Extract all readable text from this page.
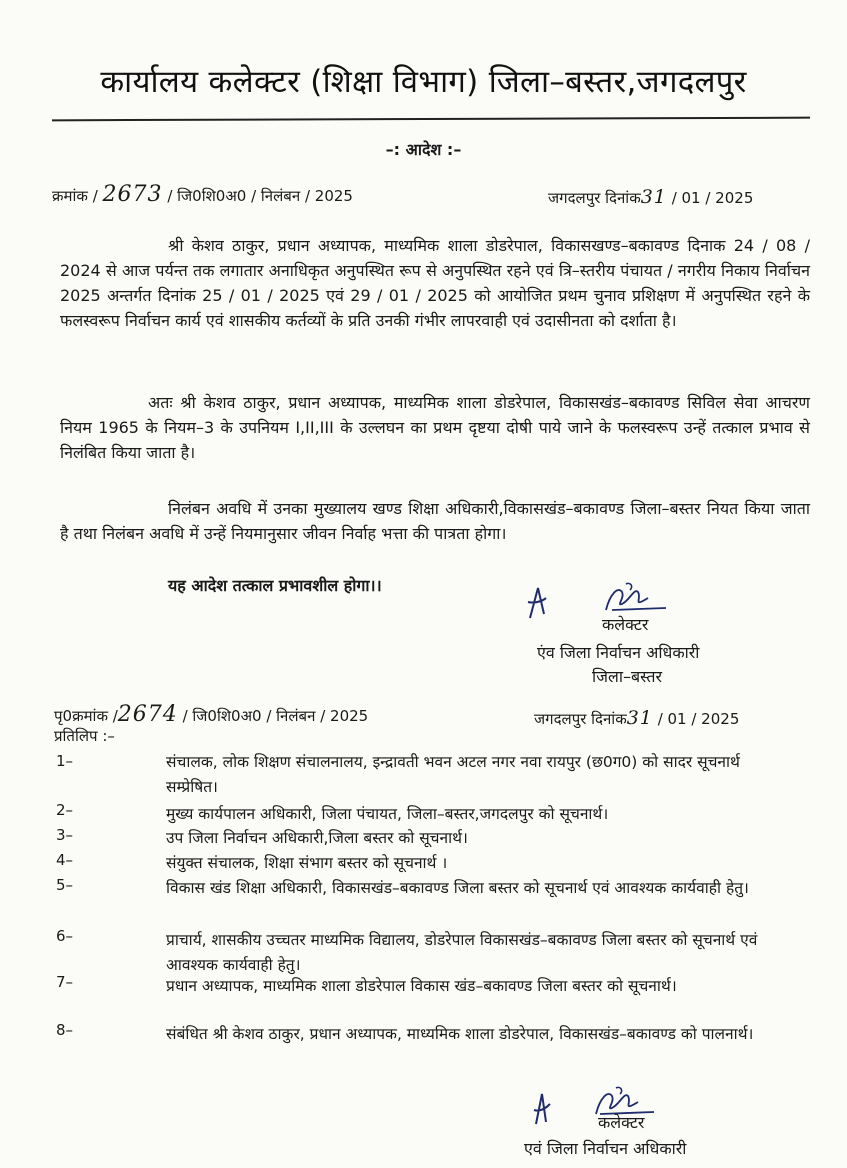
कार्यालय कलेक्टर (शिक्षा विभाग) जिला–बस्तर,जगदलपुर
–: आदेश :–
क्रमांक / 2673 / जि0शि0अ0 / निलंबन / 2025	जगदलपुर दिनांक31 / 01 / 2025
श्री केशव ठाकुर, प्रधान अध्यापक, माध्यमिक शाला डोडरेपाल, विकासखण्ड–बकावण्ड दिनाक 24 / 08 / 2024 से आज पर्यन्त तक लगातार अनाधिकृत अनुपस्थित रूप से अनुपस्थित रहने एवं त्रि–स्तरीय पंचायत / नगरीय निकाय निर्वाचन 2025 अन्तर्गत दिनांक 25 / 01 / 2025 एवं 29 / 01 / 2025 को आयोजित प्रथम चुनाव प्रशिक्षण में अनुपस्थित रहने के फलस्वरूप निर्वाचन कार्य एवं शासकीय कर्तव्यों के प्रति उनकी गंभीर लापरवाही एवं उदासीनता को दर्शाता है।
अतः श्री केशव ठाकुर, प्रधान अध्यापक, माध्यमिक शाला डोडरेपाल, विकासखंड–बकावण्ड सिविल सेवा आचरण नियम 1965 के नियम–3 के उपनियम I,II,III के उल्लघन का प्रथम दृष्टया दोषी पाये जाने के फलस्वरूप उन्हें तत्काल प्रभाव से निलंबित किया जाता है।
निलंबन अवधि में उनका मुख्यालय खण्ड शिक्षा अधिकारी,विकासखंड–बकावण्ड जिला–बस्तर नियत किया जाता है तथा निलंबन अवधि में उन्हें नियमानुसार जीवन निर्वाह भत्ता की पात्रता होगा।
यह आदेश तत्काल प्रभावशील होगा।।
कलेक्टर
एंव जिला निर्वाचन अधिकारी
जिला–बस्तर
पृ0क्रमांक /2674 / जि0शि0अ0 / निलंबन / 2025	जगदलपुर दिनांक31 / 01 / 2025
प्रतिलिप :–
1–	संचालक, लोक शिक्षण संचालनालय, इन्द्रावती भवन अटल नगर नवा रायपुर (छ0ग0) को सादर सूचनार्थ सम्प्रेषित।
2–	मुख्य कार्यपालन अधिकारी, जिला पंचायत, जिला–बस्तर,जगदलपुर को सूचनार्थ।
3–	उप जिला निर्वाचन अधिकारी,जिला बस्तर को सूचनार्थ।
4–	संयुक्त संचालक, शिक्षा संभाग बस्तर को सूचनार्थ ।
5–	विकास खंड शिक्षा अधिकारी, विकासखंड–बकावण्ड जिला बस्तर को सूचनार्थ एवं आवश्यक कार्यवाही हेतु।
6–	प्राचार्य, शासकीय उच्चतर माध्यमिक विद्यालय, डोडरेपाल विकासखंड–बकावण्ड जिला बस्तर को सूचनार्थ एवं आवश्यक कार्यवाही हेतु।
7–	प्रधान अध्यापक, माध्यमिक शाला डोडरेपाल विकास खंड–बकावण्ड जिला बस्तर को सूचनार्थ।
8–	संबंधित श्री केशव ठाकुर, प्रधान अध्यापक, माध्यमिक शाला डोडरेपाल, विकासखंड–बकावण्ड को पालनार्थ।
कलेक्टर
एवं जिला निर्वाचन अधिकारी
